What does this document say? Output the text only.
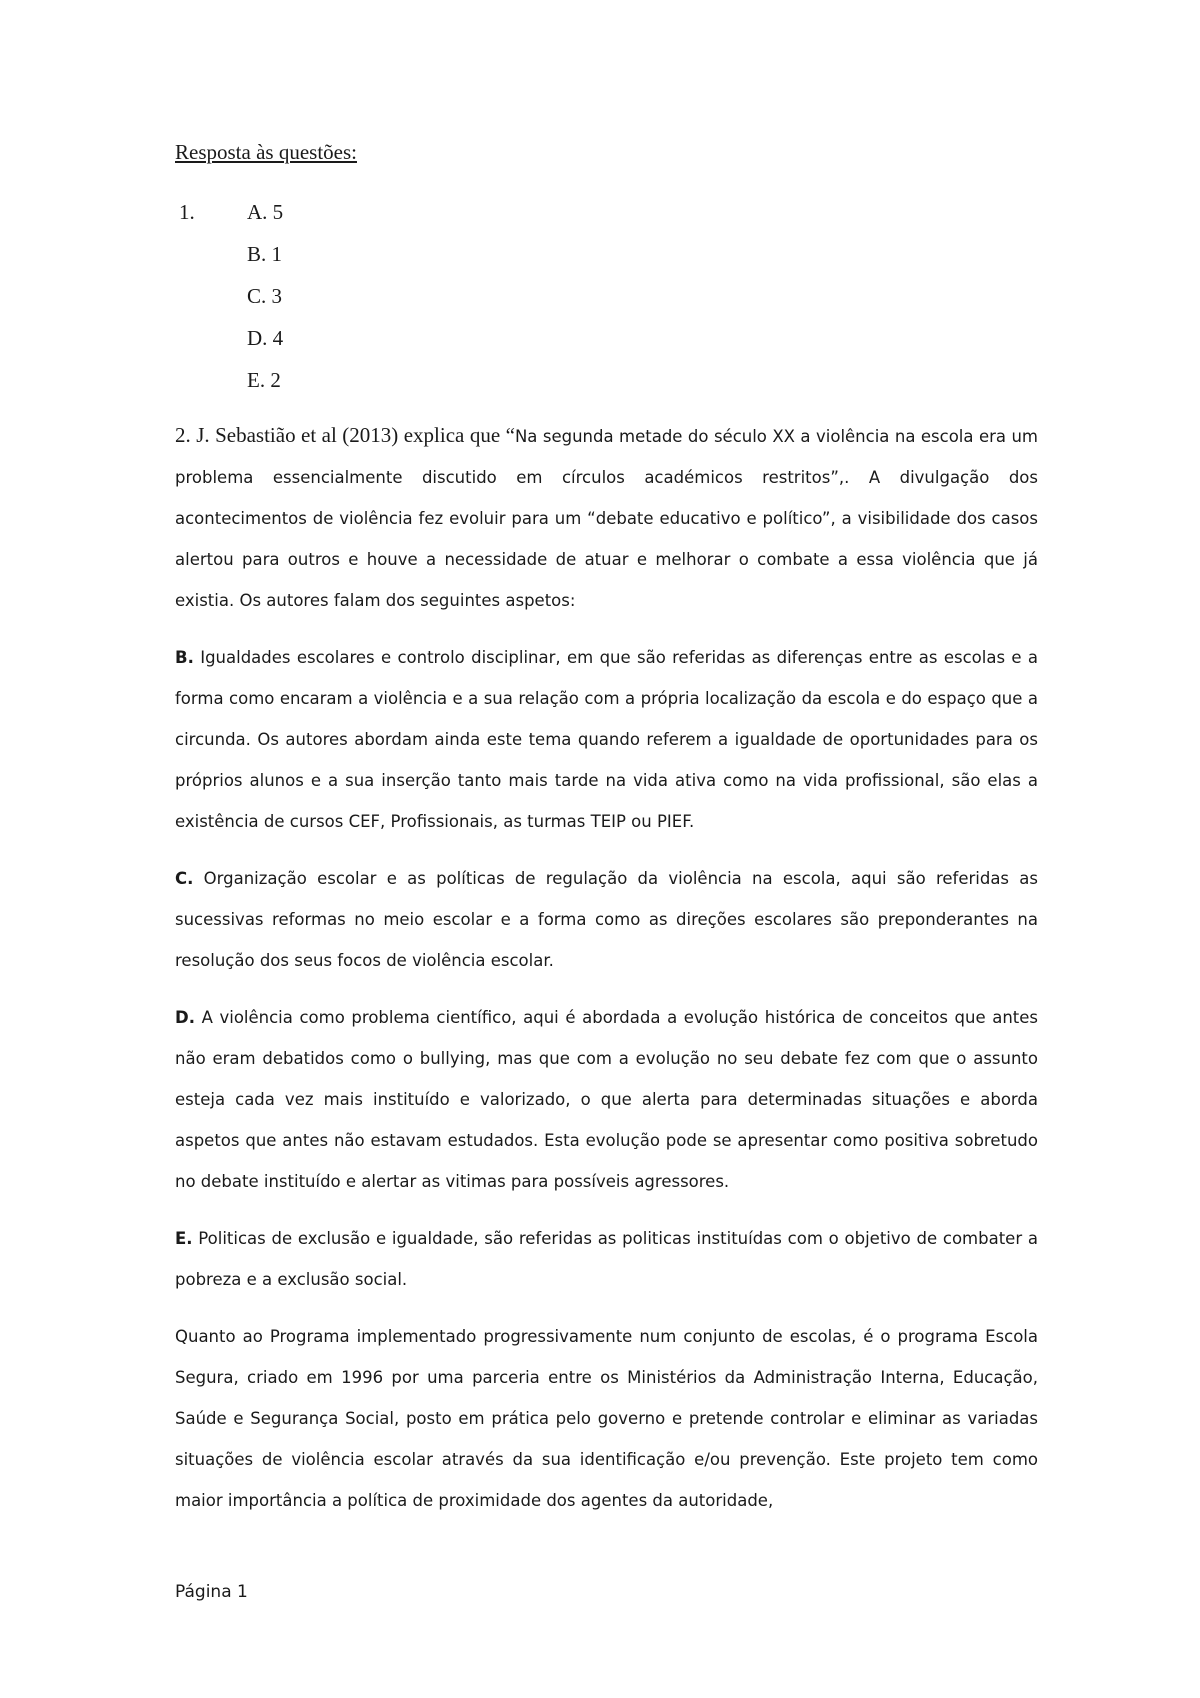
Resposta às questões:
1. A. 5
B. 1
C. 3
D. 4
E. 2

2. J. Sebastião et al (2013) explica que “Na segunda metade do século XX a violência na escola era um problema essencialmente discutido em círculos académicos restritos”,. A divulgação dos acontecimentos de violência fez evoluir para um “debate educativo e político”, a visibilidade dos casos alertou para outros e houve a necessidade de atuar e melhorar o combate a essa violência que já existia. Os autores falam dos seguintes aspetos:

B. Igualdades escolares e controlo disciplinar, em que são referidas as diferenças entre as escolas e a forma como encaram a violência e a sua relação com a própria localização da escola e do espaço que a circunda. Os autores abordam ainda este tema quando referem a igualdade de oportunidades para os próprios alunos e a sua inserção tanto mais tarde na vida ativa como na vida profissional, são elas a existência de cursos CEF, Profissionais, as turmas TEIP ou PIEF.

C. Organização escolar e as políticas de regulação da violência na escola, aqui são referidas as sucessivas reformas no meio escolar e a forma como as direções escolares são preponderantes na resolução dos seus focos de violência escolar.

D. A violência como problema científico, aqui é abordada a evolução histórica de conceitos que antes não eram debatidos como o bullying, mas que com a evolução no seu debate fez com que o assunto esteja cada vez mais instituído e valorizado, o que alerta para determinadas situações e aborda aspetos que antes não estavam estudados. Esta evolução pode se apresentar como positiva sobretudo no debate instituído e alertar as vitimas para possíveis agressores.

E. Politicas de exclusão e igualdade, são referidas as politicas instituídas com o objetivo de combater a pobreza e a exclusão social.

Quanto ao Programa implementado progressivamente num conjunto de escolas, é o programa Escola Segura, criado em 1996 por uma parceria entre os Ministérios da Administração Interna, Educação, Saúde e Segurança Social, posto em prática pelo governo e pretende controlar e eliminar as variadas situações de violência escolar através da sua identificação e/ou prevenção. Este projeto tem como maior importância a política de proximidade dos agentes da autoridade,

Página 1
